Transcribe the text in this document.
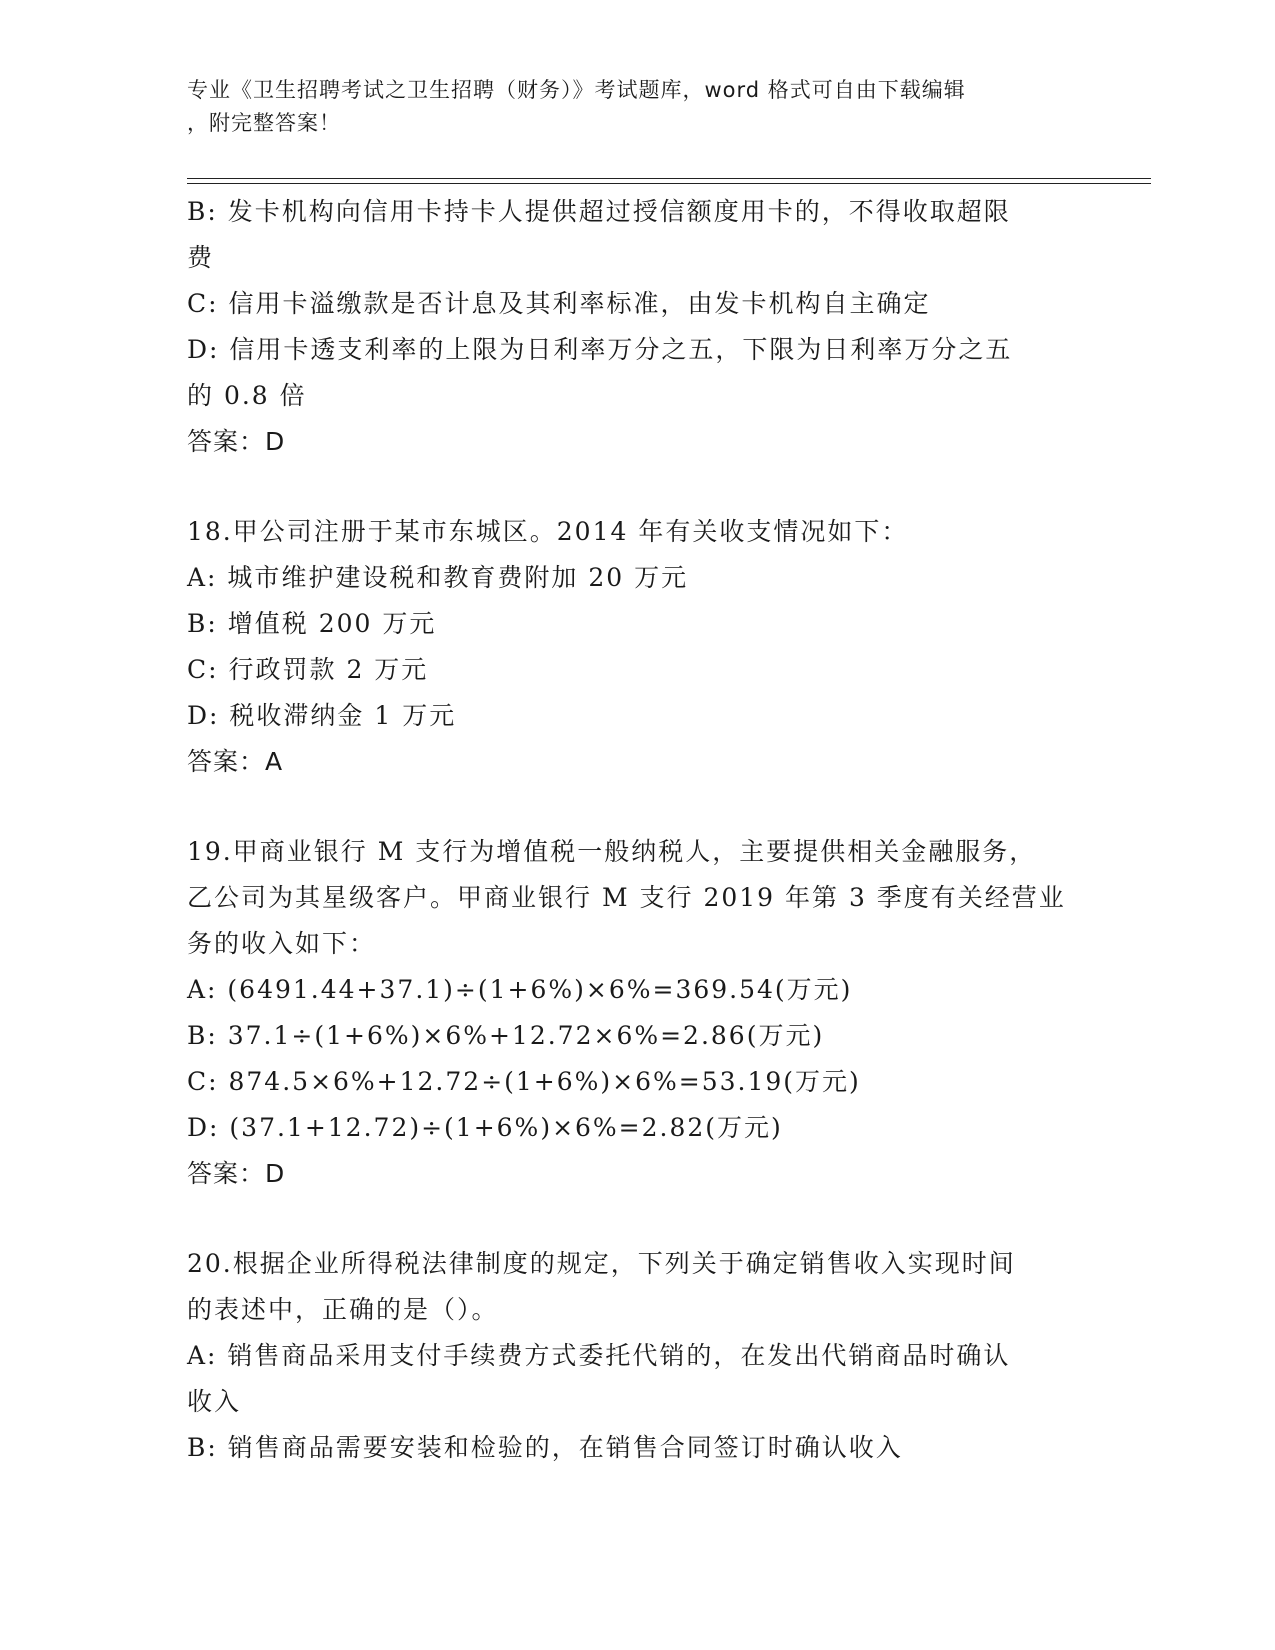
专业《卫生招聘考试之卫生招聘（财务）》考试题库，word 格式可自由下载编辑
，附完整答案！
B: 发卡机构向信用卡持卡人提供超过授信额度用卡的，不得收取超限
费
C: 信用卡溢缴款是否计息及其利率标准，由发卡机构自主确定
D: 信用卡透支利率的上限为日利率万分之五，下限为日利率万分之五
的 0.8 倍
答案：D
18.甲公司注册于某市东城区。2014 年有关收支情况如下：
A: 城市维护建设税和教育费附加 20 万元
B: 增值税 200 万元
C: 行政罚款 2 万元
D: 税收滞纳金 1 万元
答案：A
19.甲商业银行 M 支行为增值税一般纳税人，主要提供相关金融服务，
乙公司为其星级客户。甲商业银行 M 支行 2019 年第 3 季度有关经营业
务的收入如下：
A: (6491.44+37.1)÷(1+6%)×6%=369.54(万元)
B: 37.1÷(1+6%)×6%+12.72×6%=2.86(万元)
C: 874.5×6%+12.72÷(1+6%)×6%=53.19(万元)
D: (37.1+12.72)÷(1+6%)×6%=2.82(万元)
答案：D
20.根据企业所得税法律制度的规定，下列关于确定销售收入实现时间
的表述中，正确的是（）。
A: 销售商品采用支付手续费方式委托代销的，在发出代销商品时确认
收入
B: 销售商品需要安装和检验的，在销售合同签订时确认收入
